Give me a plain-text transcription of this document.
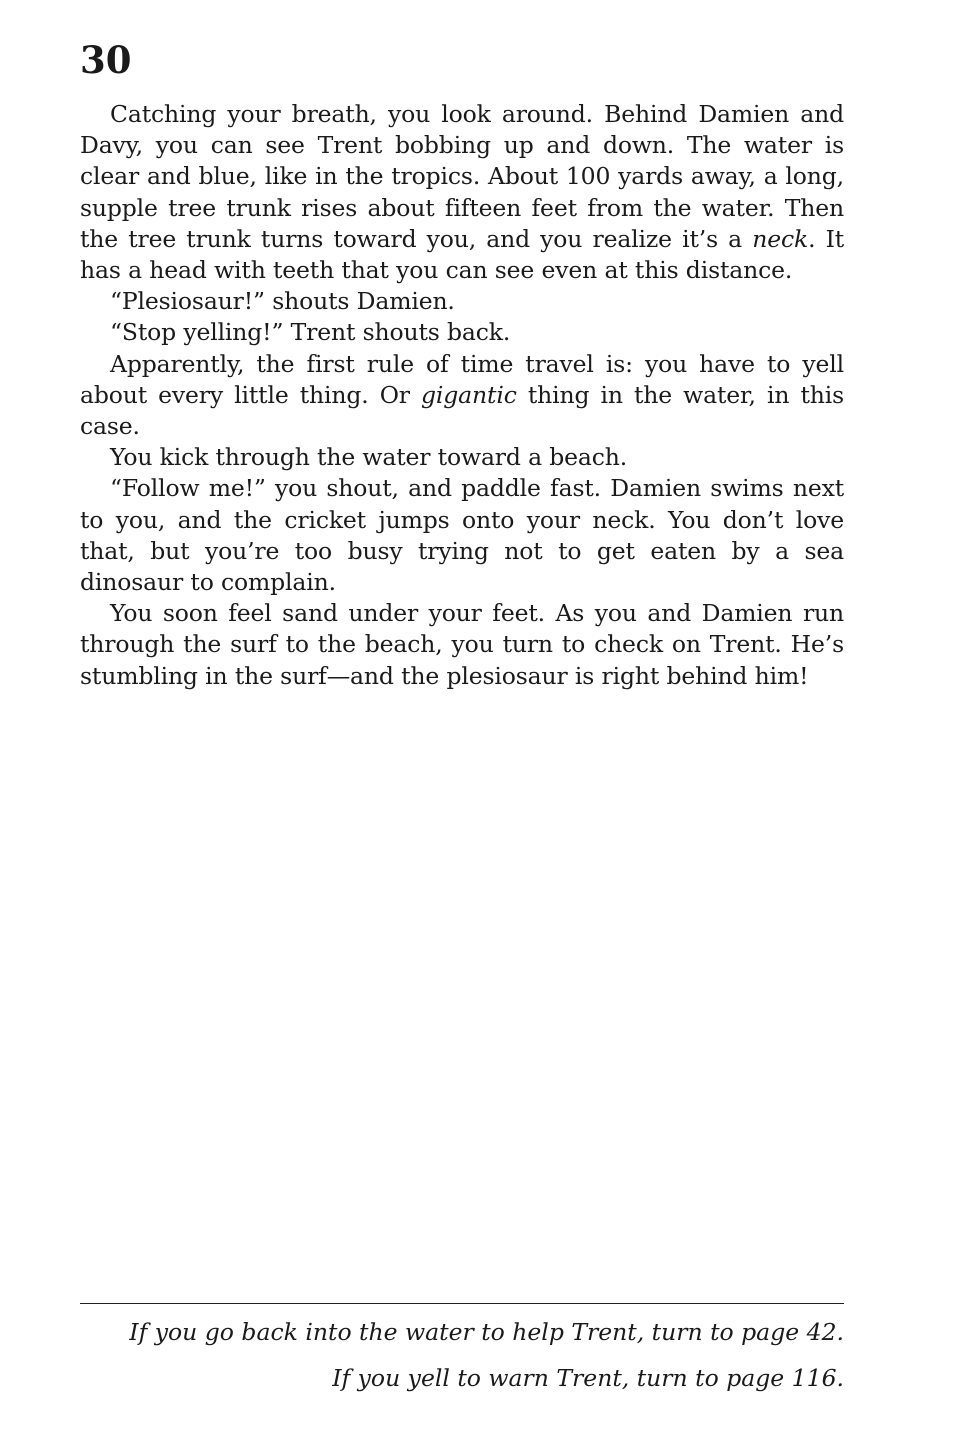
30

Catching your breath, you look around. Behind Damien and Davy, you can see Trent bobbing up and down. The water is clear and blue, like in the tropics. About 100 yards away, a long, supple tree trunk rises about fifteen feet from the water. Then the tree trunk turns toward you, and you realize it’s a neck. It has a head with teeth that you can see even at this distance.

“Plesiosaur!” shouts Damien.

“Stop yelling!” Trent shouts back.

Apparently, the first rule of time travel is: you have to yell about every little thing. Or gigantic thing in the water, in this case.

You kick through the water toward a beach.

“Follow me!” you shout, and paddle fast. Damien swims next to you, and the cricket jumps onto your neck. You don’t love that, but you’re too busy trying not to get eaten by a sea dinosaur to complain.

You soon feel sand under your feet. As you and Damien run through the surf to the beach, you turn to check on Trent. He’s stumbling in the surf—and the plesiosaur is right behind him!

If you go back into the water to help Trent, turn to page 42.
If you yell to warn Trent, turn to page 116.
